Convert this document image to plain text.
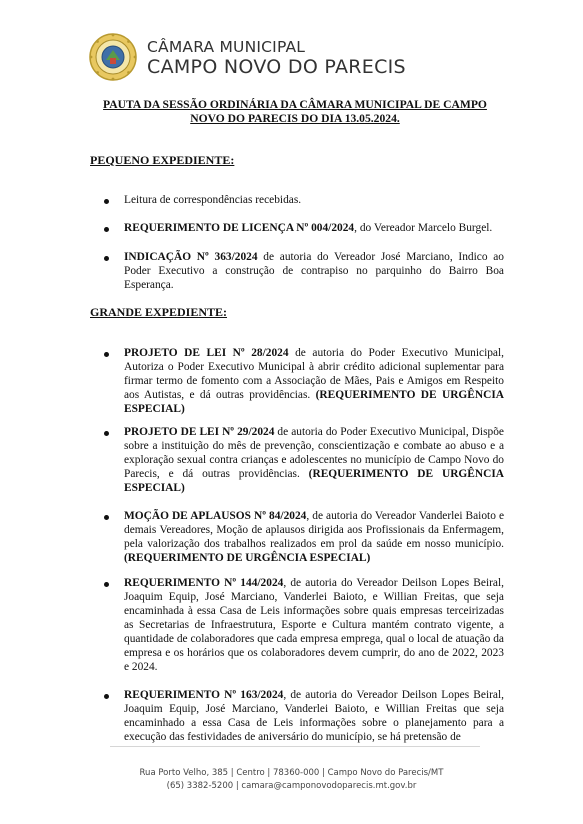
CÂMARA MUNICIPAL
CAMPO NOVO DO PARECIS
PAUTA DA SESSÃO ORDINÁRIA DA CÂMARA MUNICIPAL DE CAMPO NOVO DO PARECIS DO DIA 13.05.2024.
PEQUENO EXPEDIENTE:
Leitura de correspondências recebidas.
REQUERIMENTO DE LICENÇA Nº 004/2024, do Vereador Marcelo Burgel.
INDICAÇÃO Nº 363/2024 de autoria do Vereador José Marciano, Indico ao Poder Executivo a construção de contrapiso no parquinho do Bairro Boa Esperança.
GRANDE EXPEDIENTE:
PROJETO DE LEI Nº 28/2024 de autoria do Poder Executivo Municipal, Autoriza o Poder Executivo Municipal à abrir crédito adicional suplementar para firmar termo de fomento com a Associação de Mães, Pais e Amigos em Respeito aos Autistas, e dá outras providências. (REQUERIMENTO DE URGÊNCIA ESPECIAL)
PROJETO DE LEI Nº 29/2024 de autoria do Poder Executivo Municipal, Dispõe sobre a instituição do mês de prevenção, conscientização e combate ao abuso e a exploração sexual contra crianças e adolescentes no município de Campo Novo do Parecis, e dá outras providências. (REQUERIMENTO DE URGÊNCIA ESPECIAL)
MOÇÃO DE APLAUSOS Nº 84/2024, de autoria do Vereador Vanderlei Baioto e demais Vereadores, Moção de aplausos dirigida aos Profissionais da Enfermagem, pela valorização dos trabalhos realizados em prol da saúde em nosso município. (REQUERIMENTO DE URGÊNCIA ESPECIAL)
REQUERIMENTO Nº 144/2024, de autoria do Vereador Deilson Lopes Beiral, Joaquim Equip, José Marciano, Vanderlei Baioto, e Willian Freitas, que seja encaminhada à essa Casa de Leis informações sobre quais empresas terceirizadas as Secretarias de Infraestrutura, Esporte e Cultura mantém contrato vigente, a quantidade de colaboradores que cada empresa emprega, qual o local de atuação da empresa e os horários que os colaboradores devem cumprir, do ano de 2022, 2023 e 2024.
REQUERIMENTO Nº 163/2024, de autoria do Vereador Deilson Lopes Beiral, Joaquim Equip, José Marciano, Vanderlei Baioto, e Willian Freitas que seja encaminhado a essa Casa de Leis informações sobre o planejamento para a execução das festividades de aniversário do município, se há pretensão de
Rua Porto Velho, 385 | Centro | 78360-000 | Campo Novo do Parecis/MT
(65) 3382-5200 | camara@camponovodoparecis.mt.gov.br
